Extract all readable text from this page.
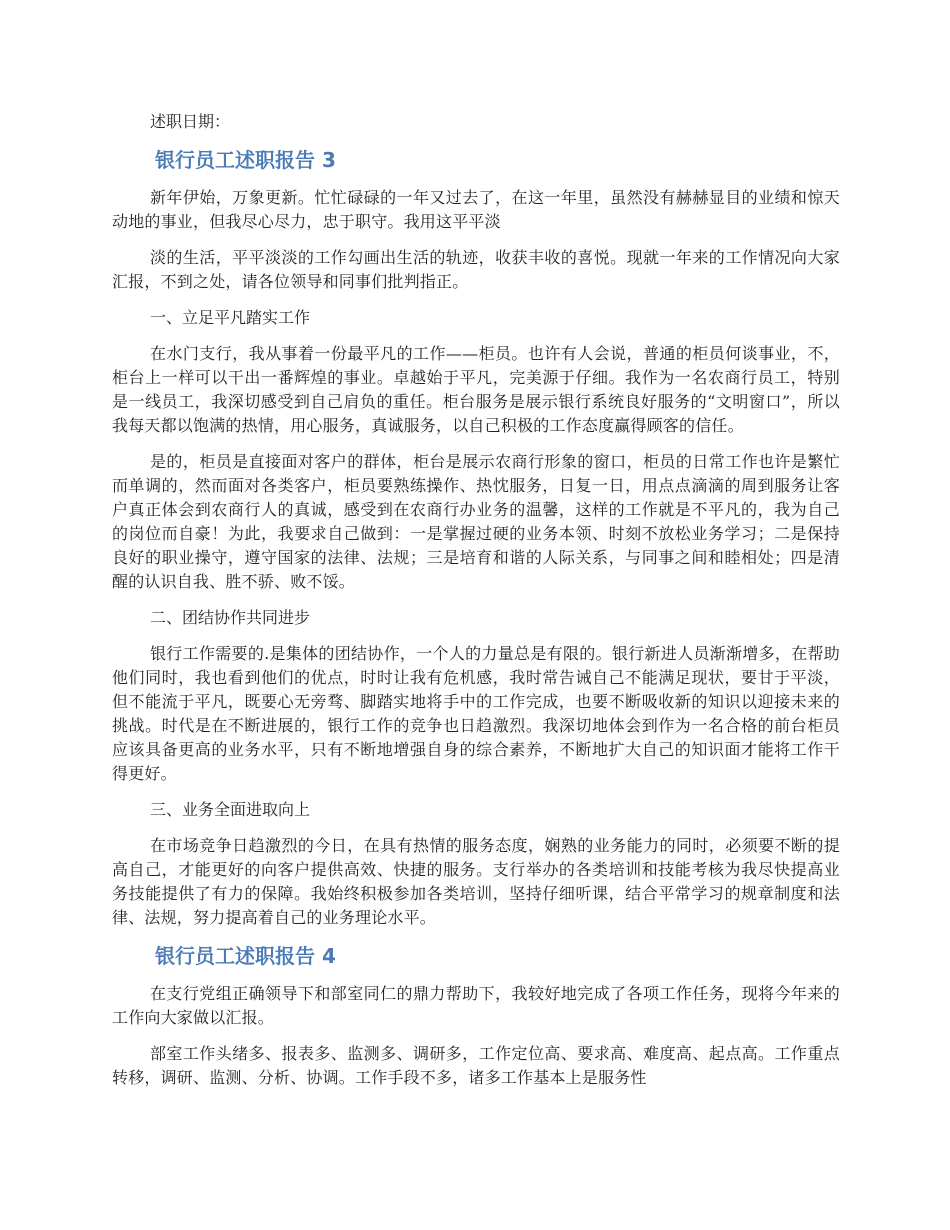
述职日期：

银行员工述职报告 3

新年伊始，万象更新。忙忙碌碌的一年又过去了，在这一年里，虽然没有赫赫显目的业绩和惊天动地的事业，但我尽心尽力，忠于职守。我用这平平淡

淡的生活，平平淡淡的工作勾画出生活的轨迹，收获丰收的喜悦。现就一年来的工作情况向大家汇报，不到之处，请各位领导和同事们批判指正。

一、立足平凡踏实工作

在水门支行，我从事着一份最平凡的工作——柜员。也许有人会说，普通的柜员何谈事业，不，柜台上一样可以干出一番辉煌的事业。卓越始于平凡，完美源于仔细。我作为一名农商行员工，特别是一线员工，我深切感受到自己肩负的重任。柜台服务是展示银行系统良好服务的“文明窗口”，所以我每天都以饱满的热情，用心服务，真诚服务，以自己积极的工作态度赢得顾客的信任。

是的，柜员是直接面对客户的群体，柜台是展示农商行形象的窗口，柜员的日常工作也许是繁忙而单调的，然而面对各类客户，柜员要熟练操作、热忱服务，日复一日，用点点滴滴的周到服务让客户真正体会到农商行人的真诚，感受到在农商行办业务的温馨，这样的工作就是不平凡的，我为自己的岗位而自豪！为此，我要求自己做到：一是掌握过硬的业务本领、时刻不放松业务学习；二是保持良好的职业操守，遵守国家的法律、法规；三是培育和谐的人际关系，与同事之间和睦相处；四是清醒的认识自我、胜不骄、败不馁。

二、团结协作共同进步

银行工作需要的.是集体的团结协作，一个人的力量总是有限的。银行新进人员渐渐增多，在帮助他们同时，我也看到他们的优点，时时让我有危机感，我时常告诫自己不能满足现状，要甘于平淡，但不能流于平凡，既要心无旁骛、脚踏实地将手中的工作完成，也要不断吸收新的知识以迎接未来的挑战。时代是在不断进展的，银行工作的竞争也日趋激烈。我深切地体会到作为一名合格的前台柜员应该具备更高的业务水平，只有不断地增强自身的综合素养，不断地扩大自己的知识面才能将工作干得更好。

三、业务全面进取向上

在市场竞争日趋激烈的今日，在具有热情的服务态度，娴熟的业务能力的同时，必须要不断的提高自己，才能更好的向客户提供高效、快捷的服务。支行举办的各类培训和技能考核为我尽快提高业务技能提供了有力的保障。我始终积极参加各类培训，坚持仔细听课，结合平常学习的规章制度和法律、法规，努力提高着自己的业务理论水平。

银行员工述职报告 4

在支行党组正确领导下和部室同仁的鼎力帮助下，我较好地完成了各项工作任务，现将今年来的工作向大家做以汇报。

部室工作头绪多、报表多、监测多、调研多，工作定位高、要求高、难度高、起点高。工作重点转移，调研、监测、分析、协调。工作手段不多，诸多工作基本上是服务性
